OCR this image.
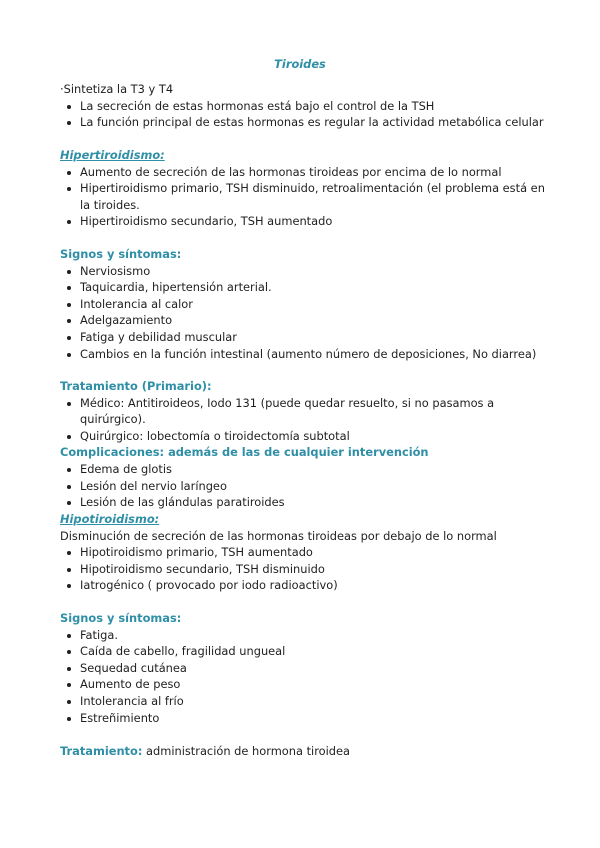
Tiroides

·Sintetiza la T3 y T4

La secreción de estas hormonas está bajo el control de la TSH
La función principal de estas hormonas es regular la actividad metabólica celular

Hipertiroidismo:

Aumento de secreción de las hormonas tiroideas por encima de lo normal
Hipertiroidismo primario, TSH disminuido, retroalimentación (el problema está en la tiroides.
Hipertiroidismo secundario, TSH aumentado

Signos y síntomas:

Nerviosismo
Taquicardia, hipertensión arterial.
Intolerancia al calor
Adelgazamiento
Fatiga y debilidad muscular
Cambios en la función intestinal (aumento número de deposiciones, No diarrea)

Tratamiento (Primario):

Médico: Antitiroideos, Iodo 131 (puede quedar resuelto, si no pasamos a quirúrgico).
Quirúrgico: lobectomía o tiroidectomía subtotal

Complicaciones: además de las de cualquier intervención

Edema de glotis
Lesión del nervio laríngeo
Lesión de las glándulas paratiroides

Hipotiroidismo:

Disminución de secreción de las hormonas tiroideas por debajo de lo normal

Hipotiroidismo primario, TSH aumentado
Hipotiroidismo secundario, TSH disminuido
Iatrogénico ( provocado por iodo radioactivo)

Signos y síntomas:

Fatiga.
Caída de cabello, fragilidad ungueal
Sequedad cutánea
Aumento de peso
Intolerancia al frío
Estreñimiento

Tratamiento: administración de hormona tiroidea
